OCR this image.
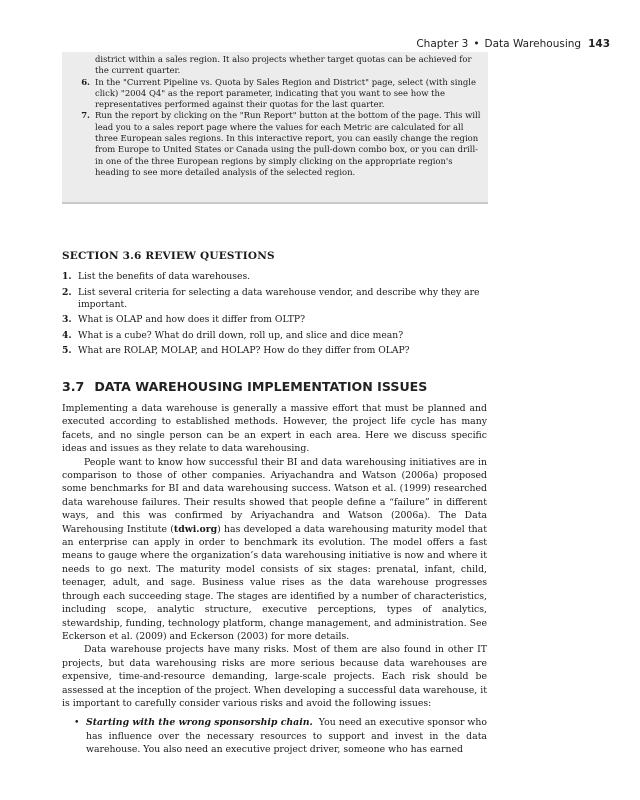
Chapter 3 • Data Warehousing 143
district within a sales region. It also projects whether target quotas can be achieved for the current quarter.
6. In the "Current Pipeline vs. Quota by Sales Region and District" page, select (with single click) "2004 Q4" as the report parameter, indicating that you want to see how the representatives performed against their quotas for the last quarter.
7. Run the report by clicking on the "Run Report" button at the bottom of the page. This will lead you to a sales report page where the values for each Metric are calculated for all three European sales regions. In this interactive report, you can easily change the region from Europe to United States or Canada using the pull-down combo box, or you can drill-in one of the three European regions by simply clicking on the appropriate region's heading to see more detailed analysis of the selected region.
SECTION 3.6 REVIEW QUESTIONS
1. List the benefits of data warehouses.
2. List several criteria for selecting a data warehouse vendor, and describe why they are important.
3. What is OLAP and how does it differ from OLTP?
4. What is a cube? What do drill down, roll up, and slice and dice mean?
5. What are ROLAP, MOLAP, and HOLAP? How do they differ from OLAP?
3.7 DATA WAREHOUSING IMPLEMENTATION ISSUES

Implementing a data warehouse is generally a massive effort that must be planned and executed according to established methods. However, the project life cycle has many facets, and no single person can be an expert in each area. Here we discuss specific ideas and issues as they relate to data warehousing.

People want to know how successful their BI and data warehousing initiatives are in comparison to those of other companies. Ariyachandra and Watson (2006a) proposed some benchmarks for BI and data warehousing success. Watson et al. (1999) researched data warehouse failures. Their results showed that people define a “failure” in different ways, and this was confirmed by Ariyachandra and Watson (2006a). The Data Warehousing Institute (tdwi.org) has developed a data warehousing maturity model that an enterprise can apply in order to benchmark its evolution. The model offers a fast means to gauge where the organization’s data warehousing initiative is now and where it needs to go next. The maturity model consists of six stages: prenatal, infant, child, teenager, adult, and sage. Business value rises as the data warehouse progresses through each succeeding stage. The stages are identified by a number of characteristics, including scope, analytic structure, executive perceptions, types of analytics, stewardship, funding, technology platform, change management, and administration. See Eckerson et al. (2009) and Eckerson (2003) for more details.

Data warehouse projects have many risks. Most of them are also found in other IT projects, but data warehousing risks are more serious because data warehouses are expensive, time-and-resource demanding, large-scale projects. Each risk should be assessed at the inception of the project. When developing a successful data warehouse, it is important to carefully consider various risks and avoid the following issues:

• Starting with the wrong sponsorship chain. You need an executive sponsor who has influence over the necessary resources to support and invest in the data warehouse. You also need an executive project driver, someone who has earned
